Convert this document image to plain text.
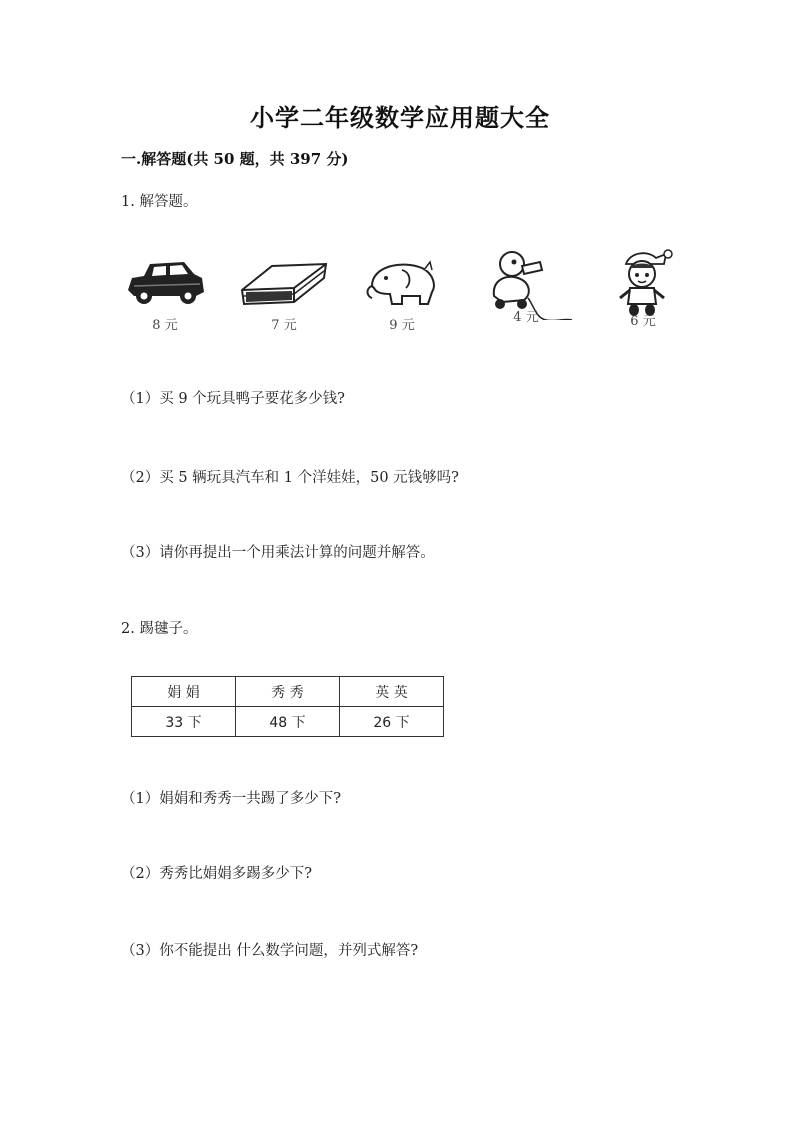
小学二年级数学应用题大全
一.解答题(共 50 题，共 397 分)
1. 解答题。
8 元	7 元	9 元
4 元	6 元
（1）买 9 个玩具鸭子要花多少钱?
（2）买 5 辆玩具汽车和 1 个洋娃娃，50 元钱够吗?
（3）请你再提出一个用乘法计算的问题并解答。
2. 踢毽子。
娟 娟	秀 秀	英 英
33 下	48 下	26 下
（1）娟娟和秀秀一共踢了多少下?
（2）秀秀比娟娟多踢多少下?
（3）你不能提出 什么数学问题，并列式解答?
